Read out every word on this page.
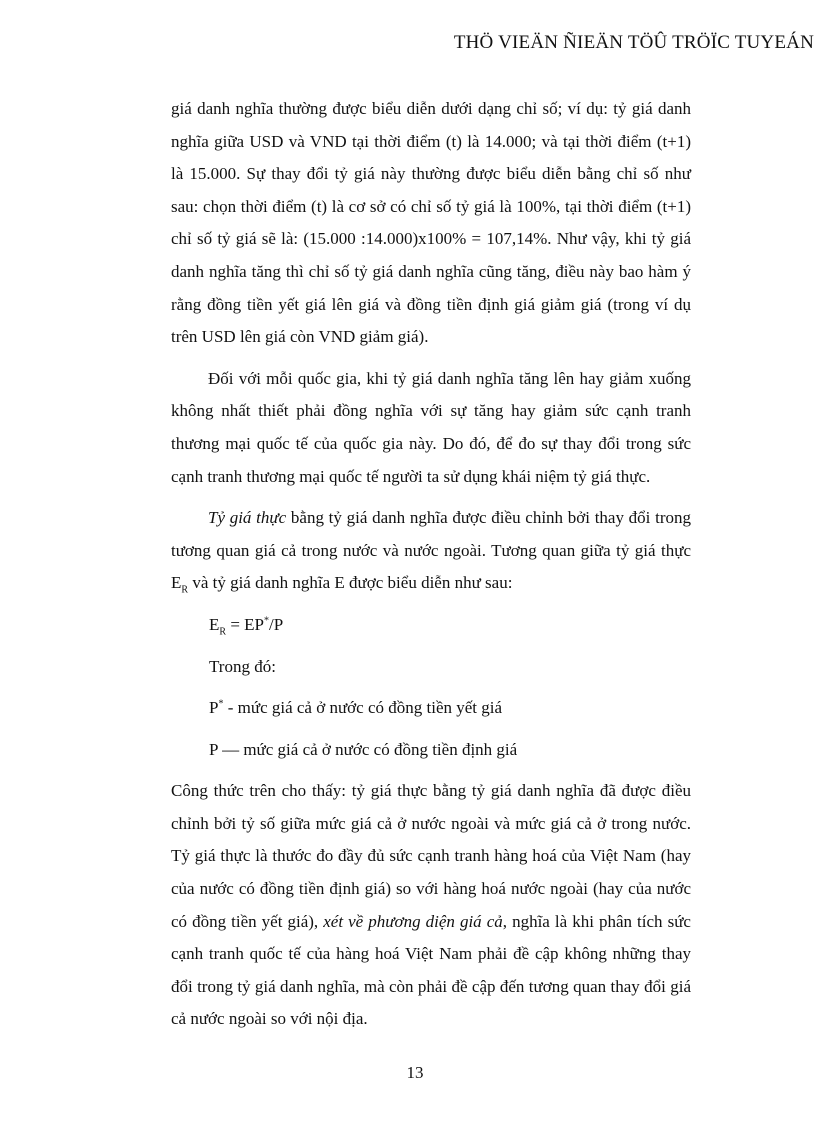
THÖ VIEÄN ÑIEÄN TÖÛ TRÖÏC TUYEÁN

giá danh nghĩa thường được biểu diễn dưới dạng chỉ số; ví dụ: tỷ giá danh nghĩa giữa USD và VND tại thời điểm (t) là 14.000; và tại thời điểm (t+1) là 15.000. Sự thay đổi tỷ giá này thường được biểu diễn bằng chỉ số như sau: chọn thời điểm (t) là cơ sở có chỉ số tỷ giá là 100%, tại thời điểm (t+1) chỉ số tỷ giá sẽ là: (15.000 :14.000)x100% = 107,14%. Như vậy, khi tỷ giá danh nghĩa tăng thì chỉ số tỷ giá danh nghĩa cũng tăng, điều này bao hàm ý rằng đồng tiền yết giá lên giá và đồng tiền định giá giảm giá (trong ví dụ trên USD lên giá còn VND giảm giá).

Đối với mỗi quốc gia, khi tỷ giá danh nghĩa tăng lên hay giảm xuống không nhất thiết phải đồng nghĩa với sự tăng hay giảm sức cạnh tranh thương mại quốc tế của quốc gia này. Do đó, để đo sự thay đổi trong sức cạnh tranh thương mại quốc tế người ta sử dụng khái niệm tỷ giá thực.

Tỷ giá thực bằng tỷ giá danh nghĩa được điều chỉnh bởi thay đổi trong tương quan giá cả trong nước và nước ngoài. Tương quan giữa tỷ giá thực $E_R$ và tỷ giá danh nghĩa E được biểu diễn như sau:

$E_R = EP^*/P$

Trong đó:

P* - mức giá cả ở nước có đồng tiền yết giá

P — mức giá cả ở nước có đồng tiền định giá

Công thức trên cho thấy: tỷ giá thực bằng tỷ giá danh nghĩa đã được điều chỉnh bởi tỷ số giữa mức giá cả ở nước ngoài và mức giá cả ở trong nước. Tỷ giá thực là thước đo đầy đủ sức cạnh tranh hàng hoá của Việt Nam (hay của nước có đồng tiền định giá) so với hàng hoá nước ngoài (hay của nước có đồng tiền yết giá), xét về phương diện giá cả, nghĩa là khi phân tích sức cạnh tranh quốc tế của hàng hoá Việt Nam phải đề cập không những thay đổi trong tỷ giá danh nghĩa, mà còn phải đề cập đến tương quan thay đổi giá cả nước ngoài so với nội địa.

13
